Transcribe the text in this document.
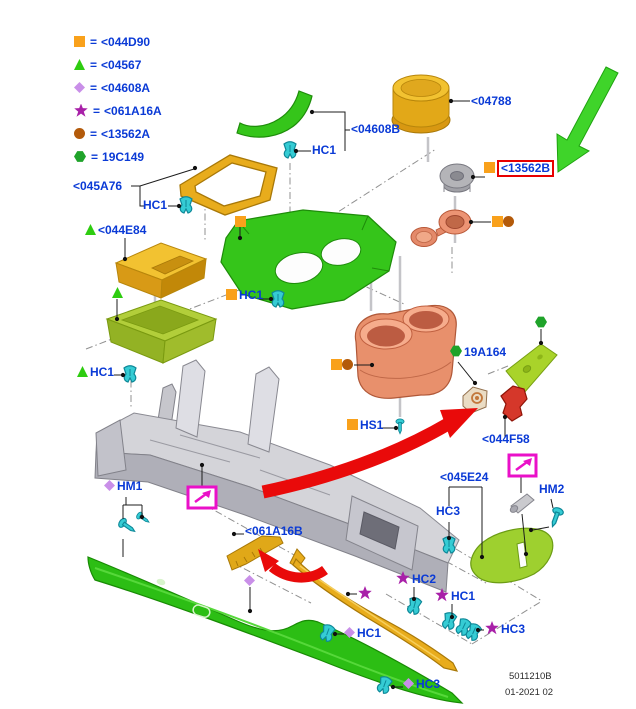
= <044D90
= <04567
= <04608A
= <061A16A
= <13562A
= 19C149
<04788
<04608B
<13562B
<045A76
HC1
HC1
<044E84
HC1
HC1
19A164
HS1
<044F58
<045E24
HM2
HC3
HM1
<061A16B
HC2
HC1
HC1	HC3
HC3
5011210B
01-2021 02
